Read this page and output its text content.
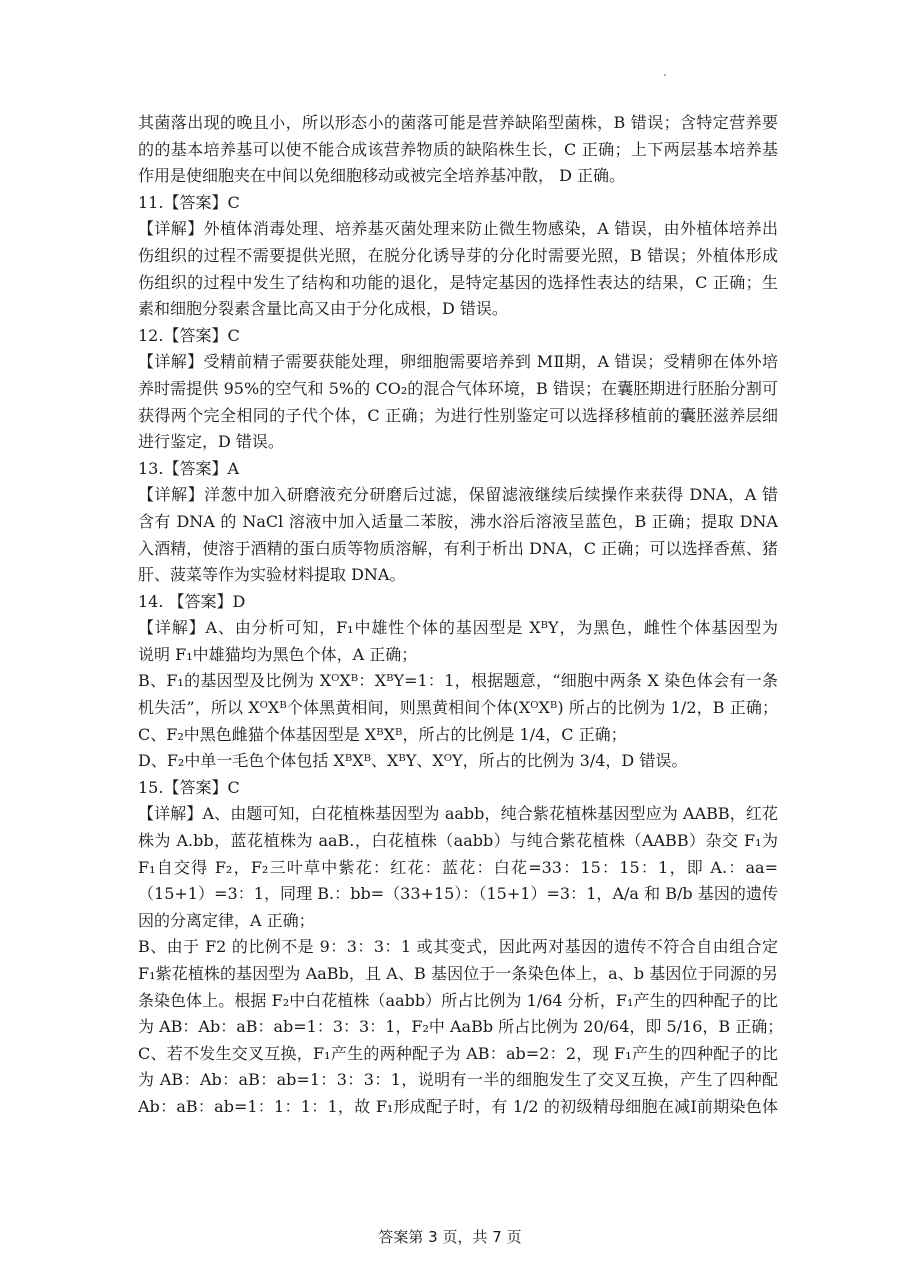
其菌落出现的晚且小，所以形态小的菌落可能是营养缺陷型菌株，B 错误；含特定营养要
的的基本培养基可以使不能合成该营养物质的缺陷株生长，C 正确；上下两层基本培养基
作用是使细胞夹在中间以免细胞移动或被完全培养基冲散， D 正确。
11.【答案】C
【详解】外植体消毒处理、培养基灭菌处理来防止微生物感染，A 错误，由外植体培养出
伤组织的过程不需要提供光照，在脱分化诱导芽的分化时需要光照，B 错误；外植体形成
伤组织的过程中发生了结构和功能的退化，是特定基因的选择性表达的结果，C 正确；生
素和细胞分裂素含量比高又由于分化成根，D 错误。
12.【答案】C
【详解】受精前精子需要获能处理，卵细胞需要培养到 MⅡ期，A 错误；受精卵在体外培
养时需提供 95%的空气和 5%的 CO₂的混合气体环境，B 错误；在囊胚期进行胚胎分割可
获得两个完全相同的子代个体，C 正确；为进行性别鉴定可以选择移植前的囊胚滋养层细
进行鉴定，D 错误。
13.【答案】A
【详解】洋葱中加入研磨液充分研磨后过滤，保留滤液继续后续操作来获得 DNA，A 错
含有 DNA 的 NaCl 溶液中加入适量二苯胺，沸水浴后溶液呈蓝色，B 正确；提取 DNA
入酒精，使溶于酒精的蛋白质等物质溶解，有利于析出 DNA，C 正确；可以选择香蕉、猪
肝、菠菜等作为实验材料提取 DNA。
14. 【答案】D
【详解】A、由分析可知，F₁中雄性个体的基因型是 XᴮY，为黑色，雌性个体基因型为
说明 F₁中雄猫均为黑色个体，A 正确；
B、F₁的基因型及比例为 XᴼXᴮ：XᴮY=1：1，根据题意，“细胞中两条 X 染色体会有一条
机失活”，所以 XᴼXᴮ个体黑黄相间，则黑黄相间个体(XᴼXᴮ) 所占的比例为 1/2，B 正确；
C、F₂中黑色雌猫个体基因型是 XᴮXᴮ，所占的比例是 1/4，C 正确；
D、F₂中单一毛色个体包括 XᴮXᴮ、XᴮY、XᴼY，所占的比例为 3/4，D 错误。
15.【答案】C
【详解】A、由题可知，白花植株基因型为 aabb，纯合紫花植株基因型应为 AABB，红花
株为 A.bb，蓝花植株为 aaB.，白花植株（aabb）与纯合紫花植株（AABB）杂交 F₁为
F₁自交得 F₂，F₂三叶草中紫花：红花：蓝花：白花=33：15：15：1，即 A.：aa=
（15+1）=3：1，同理 B.：bb=（33+15）：（15+1）=3：1，A/a 和 B/b 基因的遗传
因的分离定律，A 正确；
B、由于 F2 的比例不是 9：3：3：1 或其变式，因此两对基因的遗传不符合自由组合定
F₁紫花植株的基因型为 AaBb，且 A、B 基因位于一条染色体上，a、b 基因位于同源的另
条染色体上。根据 F₂中白花植株（aabb）所占比例为 1/64 分析，F₁产生的四种配子的比
为 AB：Ab：aB：ab=1：3：3：1，F₂中 AaBb 所占比例为 20/64，即 5/16，B 正确；
C、若不发生交叉互换，F₁产生的两种配子为 AB：ab=2：2，现 F₁产生的四种配子的比
为 AB：Ab：aB：ab=1：3：3：1，说明有一半的细胞发生了交叉互换，产生了四种配
Ab：aB：ab=1：1：1：1，故 F₁形成配子时，有 1/2 的初级精母细胞在减Ⅰ前期染色体
答案第 3 页，共 7 页
